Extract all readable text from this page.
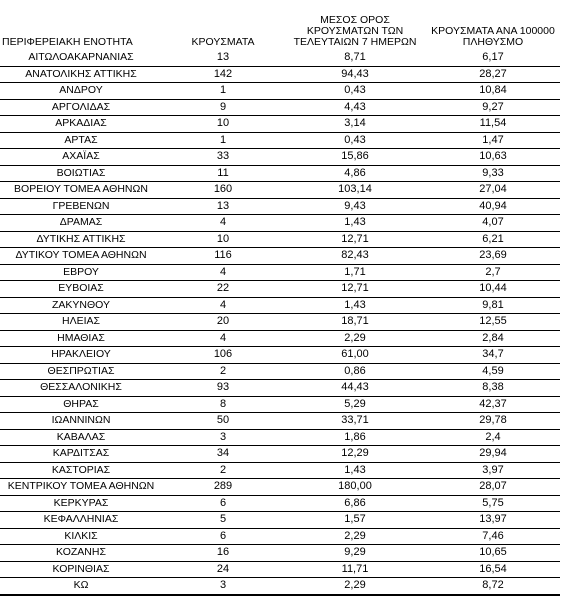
ΠΕΡΙΦΕΡΕΙΑΚΗ ΕΝΟΤΗΤΑ	ΚΡΟΥΣΜΑΤΑ	ΜΕΣΟΣ ΟΡΟΣ ΚΡΟΥΣΜΑΤΩΝ ΤΩΝ ΤΕΛΕΥΤΑΙΩΝ 7 ΗΜΕΡΩΝ	ΚΡΟΥΣΜΑΤΑ ΑΝΑ 100000 ΠΛΗΘΥΣΜΟ
ΑΙΤΩΛΟΑΚΑΡΝΑΝΙΑΣ	13	8,71	6,17
ΑΝΑΤΟΛΙΚΗΣ ΑΤΤΙΚΗΣ	142	94,43	28,27
ΑΝΔΡΟΥ	1	0,43	10,84
ΑΡΓΟΛΙΔΑΣ	9	4,43	9,27
ΑΡΚΑΔΙΑΣ	10	3,14	11,54
ΑΡΤΑΣ	1	0,43	1,47
ΑΧΑΪΑΣ	33	15,86	10,63
ΒΟΙΩΤΙΑΣ	11	4,86	9,33
ΒΟΡΕΙΟΥ ΤΟΜΕΑ ΑΘΗΝΩΝ	160	103,14	27,04
ΓΡΕΒΕΝΩΝ	13	9,43	40,94
ΔΡΑΜΑΣ	4	1,43	4,07
ΔΥΤΙΚΗΣ ΑΤΤΙΚΗΣ	10	12,71	6,21
ΔΥΤΙΚΟΥ ΤΟΜΕΑ ΑΘΗΝΩΝ	116	82,43	23,69
ΕΒΡΟΥ	4	1,71	2,7
ΕΥΒΟΙΑΣ	22	12,71	10,44
ΖΑΚΥΝΘΟΥ	4	1,43	9,81
ΗΛΕΙΑΣ	20	18,71	12,55
ΗΜΑΘΙΑΣ	4	2,29	2,84
ΗΡΑΚΛΕΙΟΥ	106	61,00	34,7
ΘΕΣΠΡΩΤΙΑΣ	2	0,86	4,59
ΘΕΣΣΑΛΟΝΙΚΗΣ	93	44,43	8,38
ΘΗΡΑΣ	8	5,29	42,37
ΙΩΑΝΝΙΝΩΝ	50	33,71	29,78
ΚΑΒΑΛΑΣ	3	1,86	2,4
ΚΑΡΔΙΤΣΑΣ	34	12,29	29,94
ΚΑΣΤΟΡΙΑΣ	2	1,43	3,97
ΚΕΝΤΡΙΚΟΥ ΤΟΜΕΑ ΑΘΗΝΩΝ	289	180,00	28,07
ΚΕΡΚΥΡΑΣ	6	6,86	5,75
ΚΕΦΑΛΛΗΝΙΑΣ	5	1,57	13,97
ΚΙΛΚΙΣ	6	2,29	7,46
ΚΟΖΑΝΗΣ	16	9,29	10,65
ΚΟΡΙΝΘΙΑΣ	24	11,71	16,54
ΚΩ	3	2,29	8,72
